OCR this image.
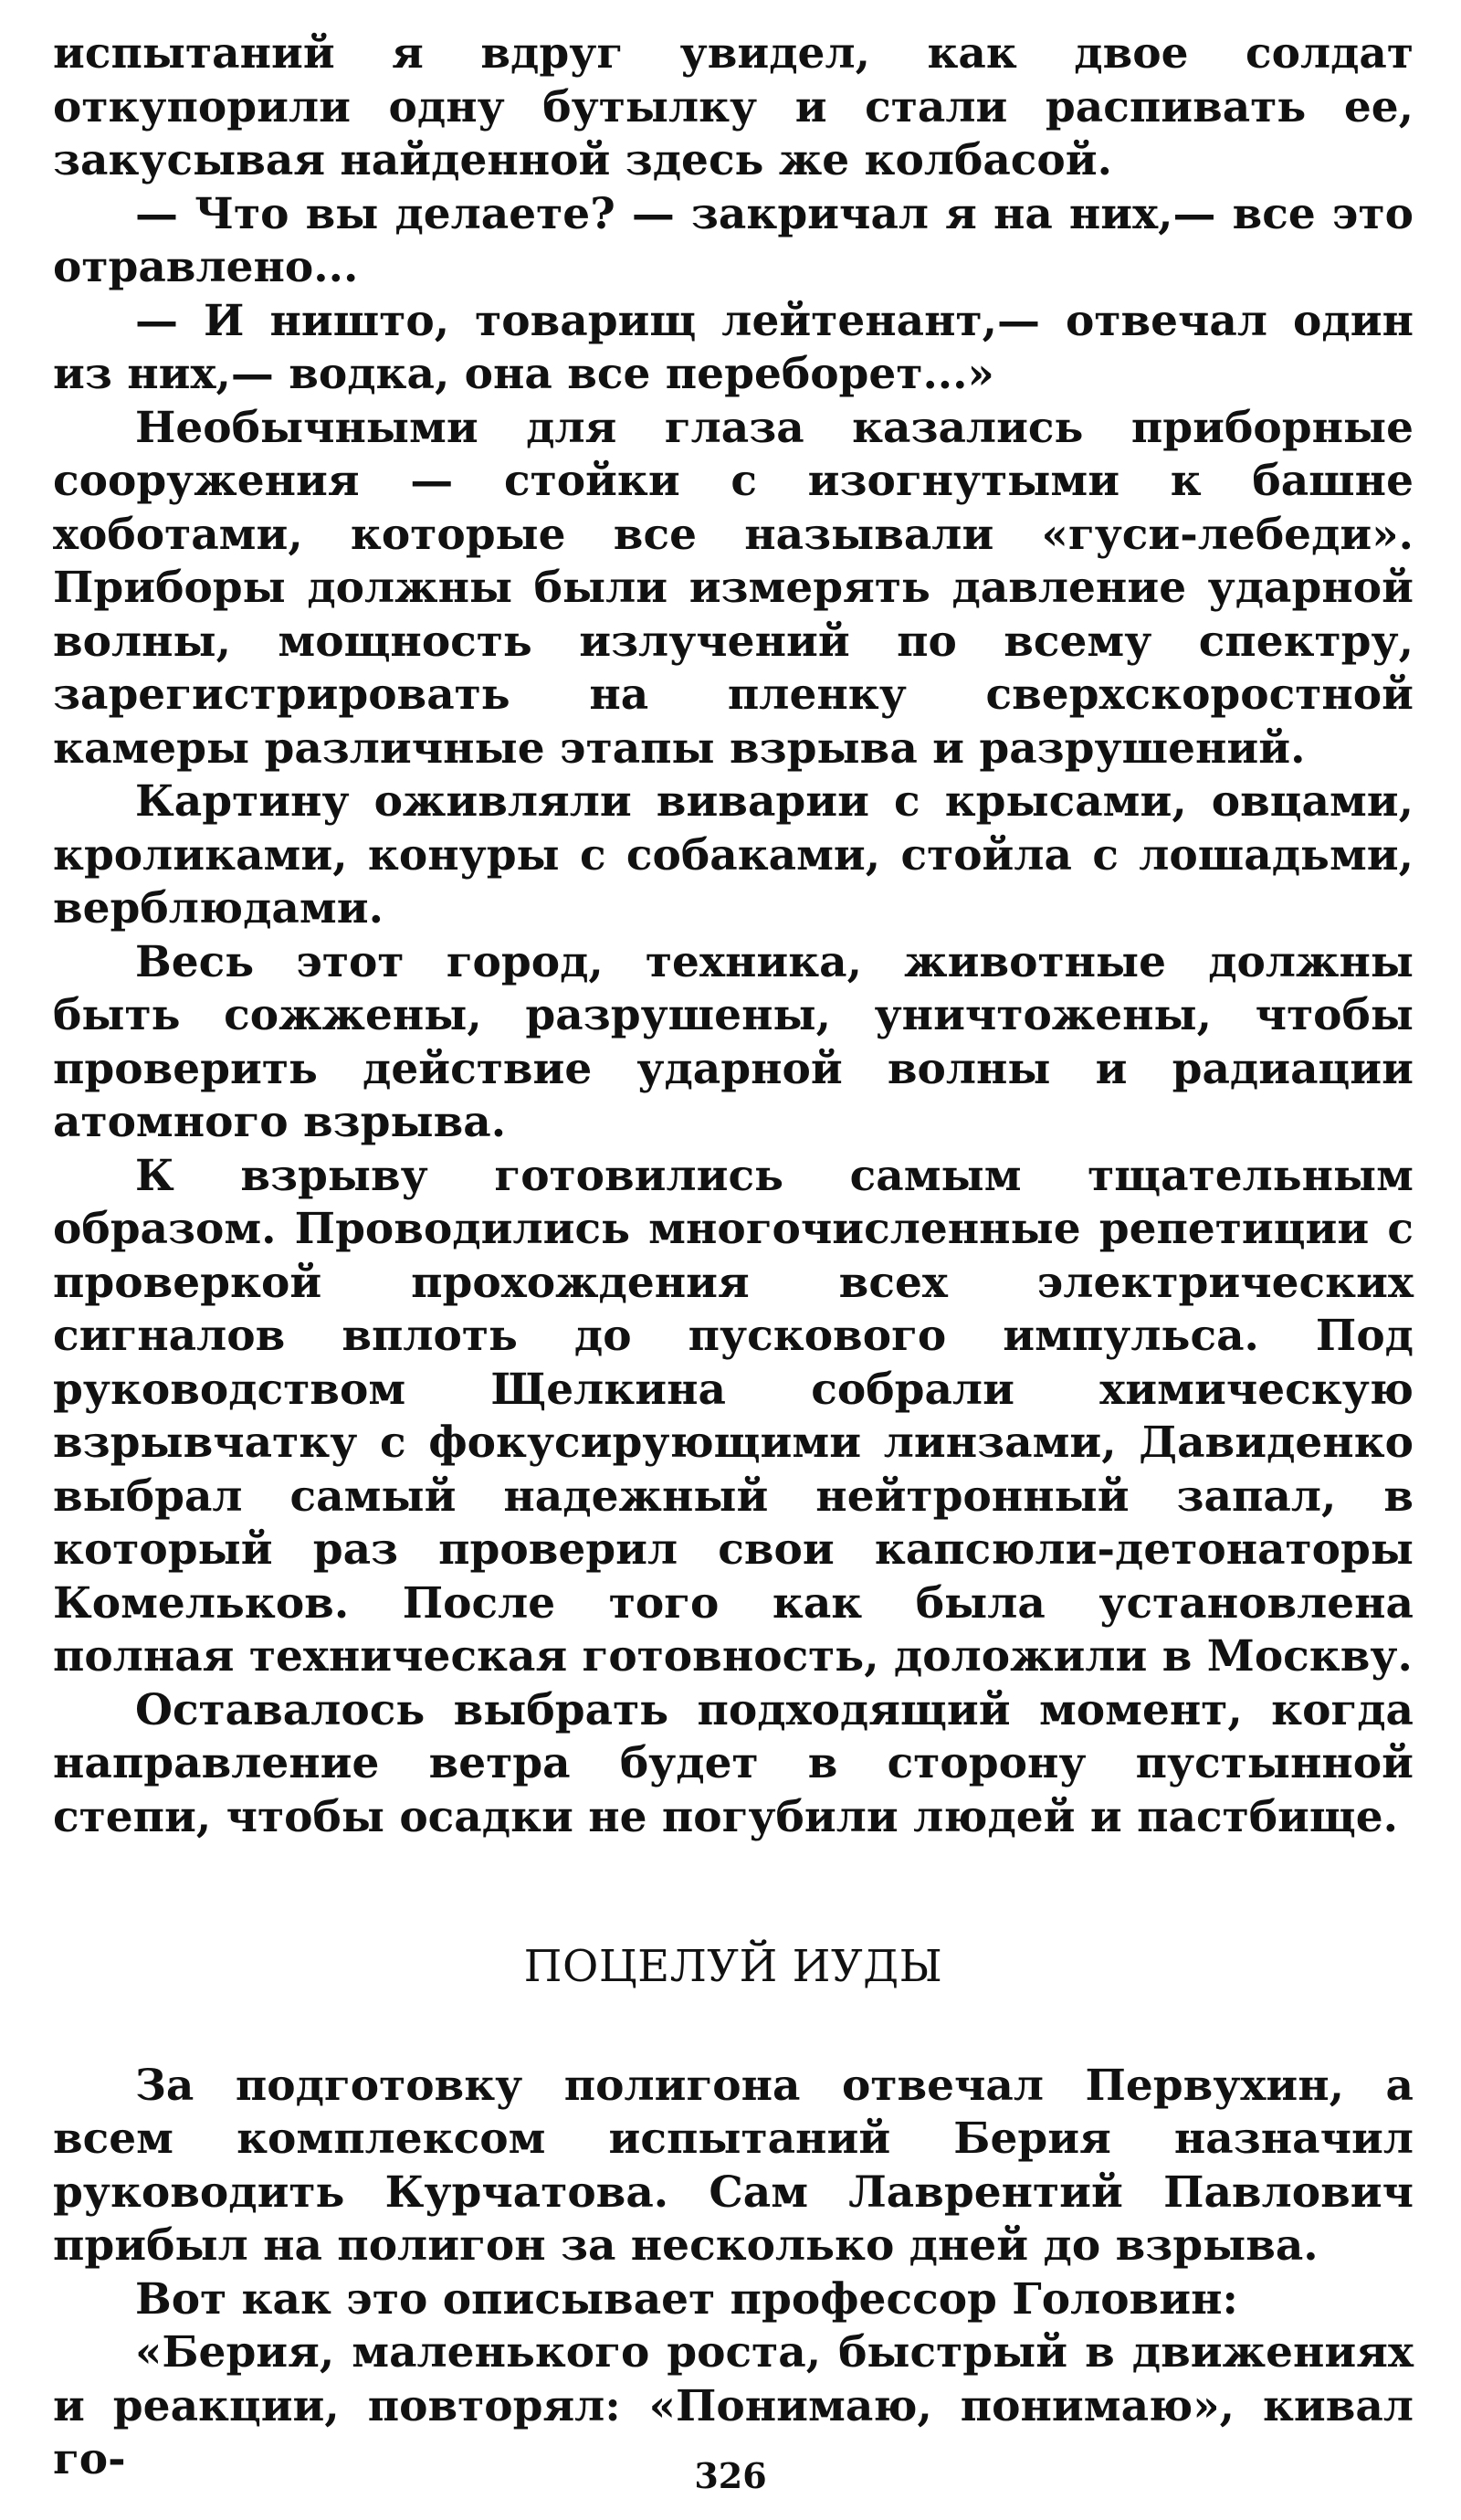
испытаний я вдруг увидел, как двое солдат откупорили одну бутылку и стали распивать ее, закусывая найденной здесь же колбасой.

— Что вы делаете? — закричал я на них,— все это отравлено...

— И ништо, товарищ лейтенант,— отвечал один из них,— водка, она все переборет...»

Необычными для глаза казались приборные сооружения — стойки с изогнутыми к башне хоботами, которые все называли «гуси-лебеди». Приборы должны были измерять давление ударной волны, мощность излучений по всему спектру, зарегистрировать на пленку сверхскоростной камеры различные этапы взрыва и разрушений.

Картину оживляли виварии с крысами, овцами, кроликами, конуры с собаками, стойла с лошадьми, верблюдами.

Весь этот город, техника, животные должны быть сожжены, разрушены, уничтожены, чтобы проверить действие ударной волны и радиации атомного взрыва.

К взрыву готовились самым тщательным образом. Проводились многочисленные репетиции с проверкой прохождения всех электрических сигналов вплоть до пускового импульса. Под руководством Щелкина собрали химическую взрывчатку с фокусирующими линзами, Давиденко выбрал самый надежный нейтронный запал, в который раз проверил свои капсюли-детонаторы Комельков. После того как была установлена полная техническая готовность, доложили в Москву.

Оставалось выбрать подходящий момент, когда направление ветра будет в сторону пустынной степи, чтобы осадки не погубили людей и пастбище.

ПОЦЕЛУЙ ИУДЫ

За подготовку полигона отвечал Первухин, а всем комплексом испытаний Берия назначил руководить Курчатова. Сам Лаврентий Павлович прибыл на полигон за несколько дней до взрыва.

Вот как это описывает профессор Головин:

«Берия, маленького роста, быстрый в движениях и реакции, повторял: «Понимаю, понимаю», кивал го-	326
